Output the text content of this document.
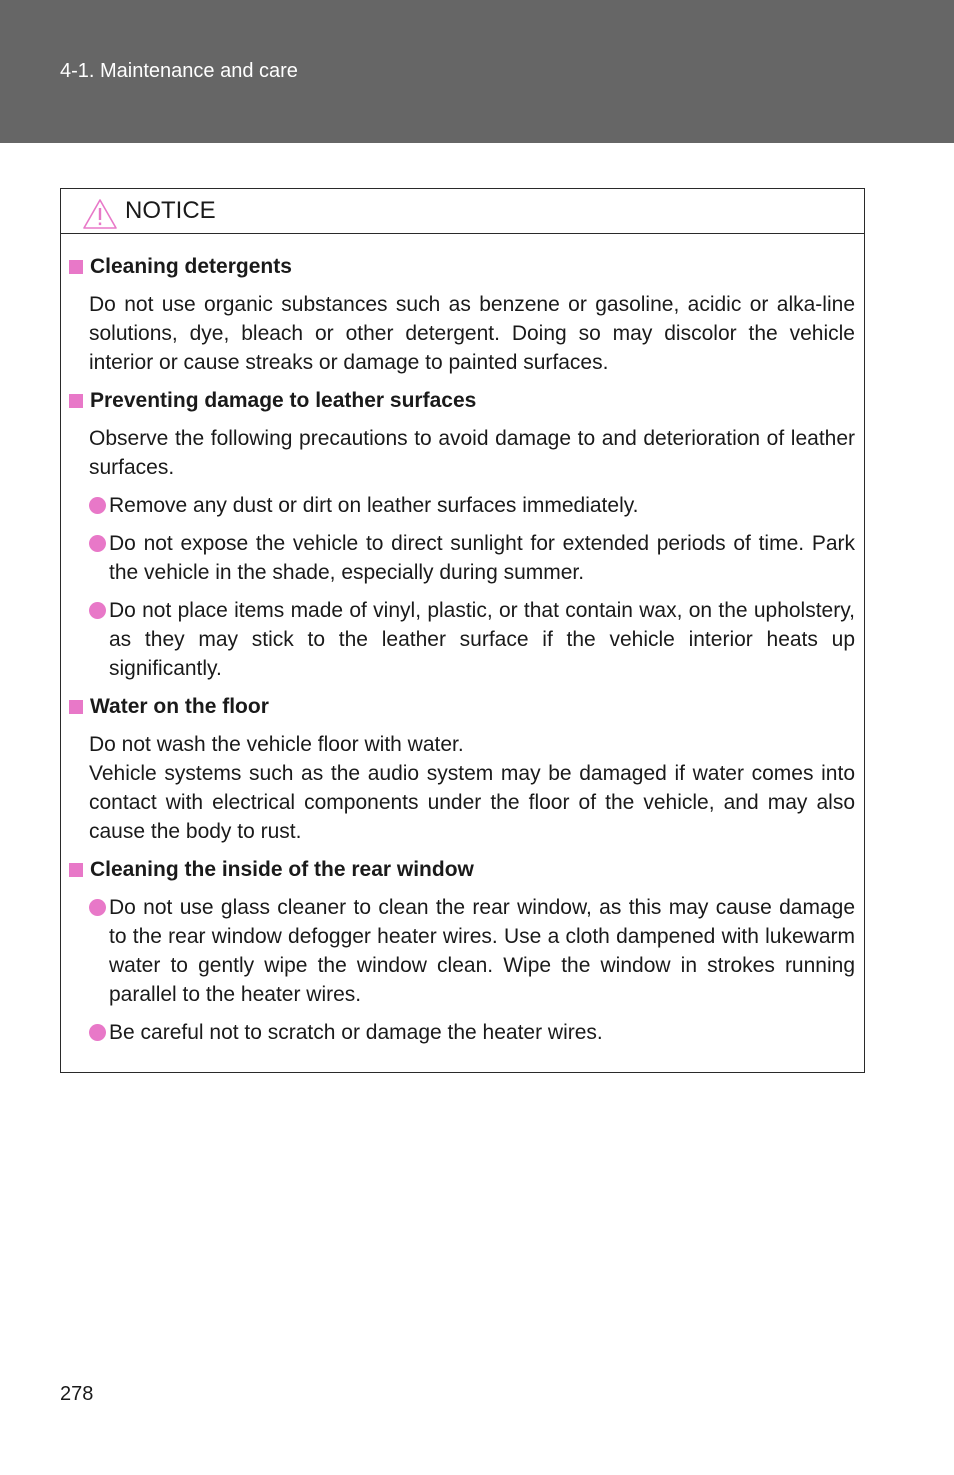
4-1. Maintenance and care
NOTICE
Cleaning detergents
Do not use organic substances such as benzene or gasoline, acidic or alka-line solutions, dye, bleach or other detergent. Doing so may discolor the vehicle interior or cause streaks or damage to painted surfaces.
Preventing damage to leather surfaces
Observe the following precautions to avoid damage to and deterioration of leather surfaces.
Remove any dust or dirt on leather surfaces immediately.
Do not expose the vehicle to direct sunlight for extended periods of time. Park the vehicle in the shade, especially during summer.
Do not place items made of vinyl, plastic, or that contain wax, on the upholstery, as they may stick to the leather surface if the vehicle interior heats up significantly.
Water on the floor
Do not wash the vehicle floor with water.
Vehicle systems such as the audio system may be damaged if water comes into contact with electrical components under the floor of the vehicle, and may also cause the body to rust.
Cleaning the inside of the rear window
Do not use glass cleaner to clean the rear window, as this may cause damage to the rear window defogger heater wires. Use a cloth dampened with lukewarm water to gently wipe the window clean. Wipe the window in strokes running parallel to the heater wires.
Be careful not to scratch or damage the heater wires.
278
